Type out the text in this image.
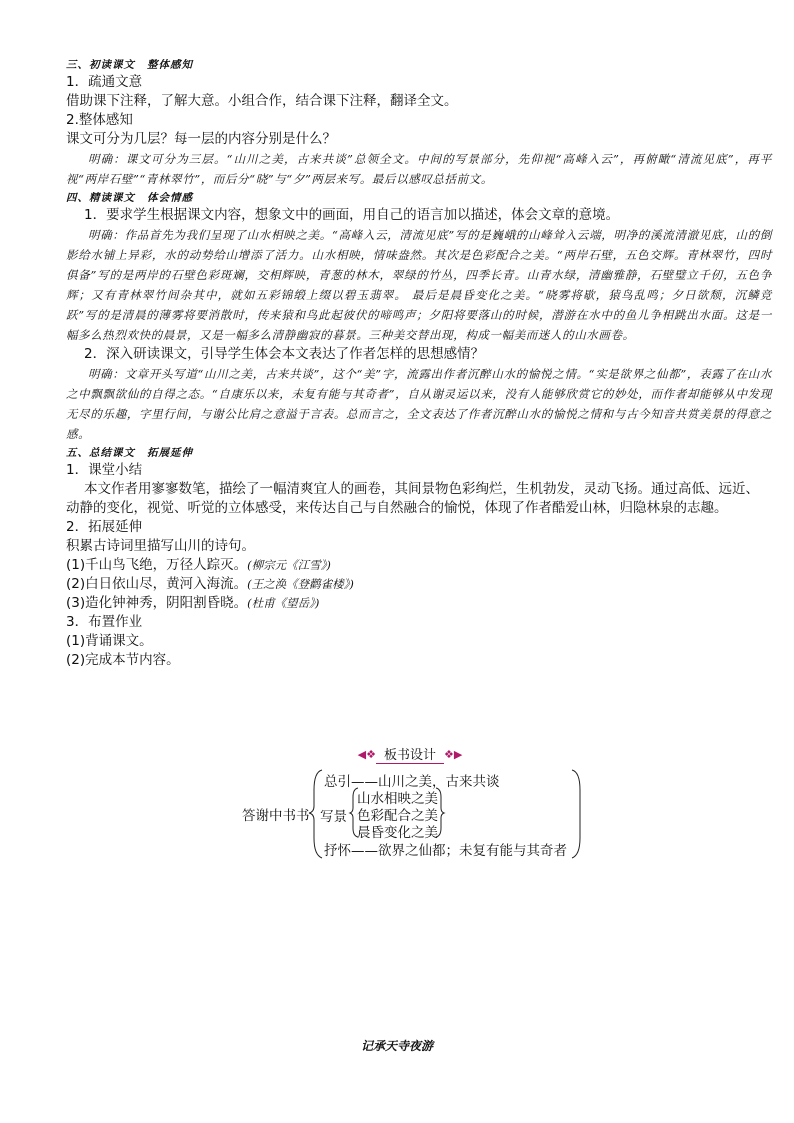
三、初读课文 整体感知
1．疏通文意
借助课下注释，了解大意。小组合作，结合课下注释，翻译全文。
2.整体感知
课文可分为几层？每一层的内容分别是什么？
明确：课文可分为三层。“山川之美，古来共谈”总领全文。中间的写景部分，先仰视“高峰入云”，再俯瞰“清流见底”，再平视“两岸石壁”“青林翠竹”，而后分“晓”与“夕”两层来写。最后以感叹总括前文。
四、精读课文 体会情感
1．要求学生根据课文内容，想象文中的画面，用自己的语言加以描述，体会文章的意境。
明确：作品首先为我们呈现了山水相映之美。“高峰入云，清流见底”写的是巍峨的山峰耸入云端，明净的溪流清澈见底，山的倒影给水铺上异彩，水的动势给山增添了活力。山水相映，情味盎然。其次是色彩配合之美。“两岸石壁，五色交辉。青林翠竹，四时俱备”写的是两岸的石壁色彩斑斓，交相辉映，青葱的林木，翠绿的竹丛，四季长青。山青水绿，清幽雅静，石壁璧立千仞，五色争辉；又有青林翠竹间杂其中，就如五彩锦缎上缀以碧玉翡翠。 最后是晨昏变化之美。“晓雾将歇，猿鸟乱鸣；夕日欲颓，沉鳞竞跃”写的是清晨的薄雾将要消散时，传来猿和鸟此起彼伏的啼鸣声；夕阳将要落山的时候，潜游在水中的鱼儿争相跳出水面。这是一幅多么热烈欢快的晨景，又是一幅多么清静幽寂的暮景。三种美交替出现，构成一幅美而迷人的山水画卷。
2．深入研读课文，引导学生体会本文表达了作者怎样的思想感情？
明确：文章开头写道“山川之美，古来共谈”，这个“美”字，流露出作者沉醉山水的愉悦之情。“实是欲界之仙都”，表露了在山水之中飘飘欲仙的自得之态。“自康乐以来，未复有能与其奇者”，自从谢灵运以来，没有人能够欣赏它的妙处，而作者却能够从中发现无尽的乐趣，字里行间，与谢公比肩之意溢于言表。总而言之，全文表达了作者沉醉山水的愉悦之情和与古今知音共赏美景的得意之感。
五、总结课文 拓展延伸
1．课堂小结
本文作者用寥寥数笔，描绘了一幅清爽宜人的画卷，其间景物色彩绚烂，生机勃发，灵动飞扬。通过高低、远近、动静的变化，视觉、听觉的立体感受，来传达自己与自然融合的愉悦，体现了作者酷爱山林，归隐林泉的志趣。
2．拓展延伸
积累古诗词里描写山川的诗句。
(1)千山鸟飞绝，万径人踪灭。(柳宗元《江雪》)
(2)白日依山尽，黄河入海流。(王之涣《登鹳雀楼》)
(3)造化钟神秀，阴阳割昏晓。(杜甫《望岳》)
3．布置作业
(1)背诵课文。
(2)完成本节内容。
◀❖ 板书设计 ❖▶
答谢中书书
总引——山川之美，古来共谈
写景
山水相映之美
色彩配合之美
晨昏变化之美
抒怀——欲界之仙都；未复有能与其奇者
记承天寺夜游
